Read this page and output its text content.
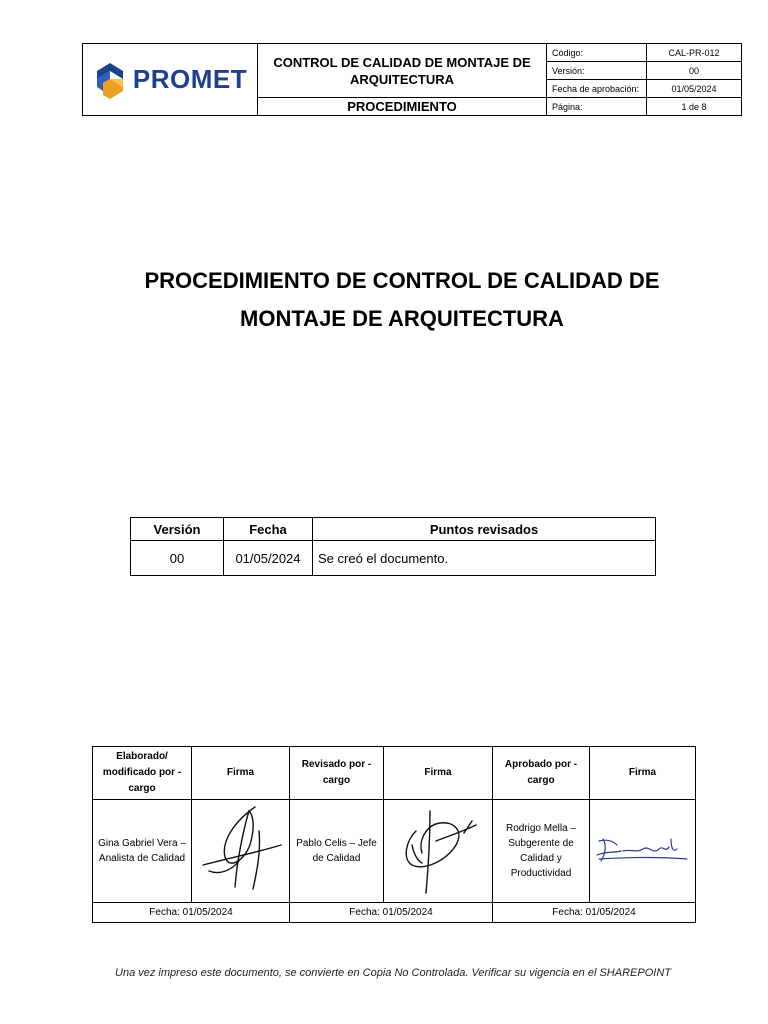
PROMET	CONTROL DE CALIDAD DE MONTAJE DE ARQUITECTURA	Código:	CAL-PR-012
		Versión:	00
		Fecha de aprobación:	01/05/2024
	PROCEDIMIENTO	Página:	1 de 8
PROCEDIMIENTO DE CONTROL DE CALIDAD DE
MONTAJE DE ARQUITECTURA
Versión	Fecha	Puntos revisados
00	01/05/2024	Se creó el documento.
Elaborado/ modificado por - cargo	Firma	Revisado por - cargo	Firma	Aprobado por - cargo	Firma
Gina Gabriel Vera – Analista de Calidad		Pablo Celis – Jefe de Calidad		Rodrigo Mella – Subgerente de Calidad y Productividad	
Fecha: 01/05/2024		Fecha: 01/05/2024		Fecha: 01/05/2024	
Una vez impreso este documento, se convierte en Copia No Controlada. Verificar su vigencia en el SHAREPOINT
